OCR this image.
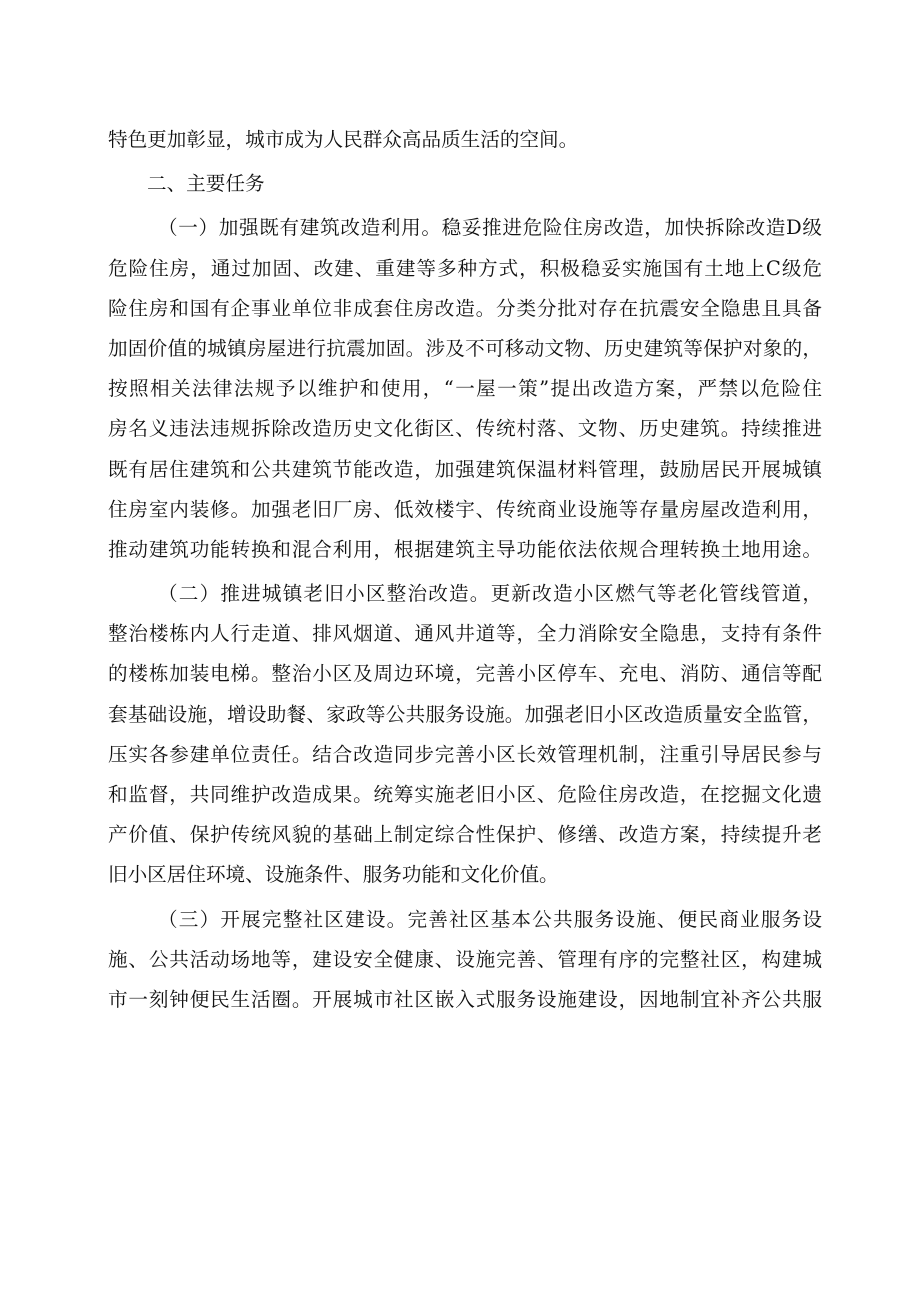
特色更加彰显，城市成为人民群众高品质生活的空间。

二、主要任务

（一）加强既有建筑改造利用。稳妥推进危险住房改造，加快拆除改造D级
危险住房，通过加固、改建、重建等多种方式，积极稳妥实施国有土地上C级危
险住房和国有企事业单位非成套住房改造。分类分批对存在抗震安全隐患且具备
加固价值的城镇房屋进行抗震加固。涉及不可移动文物、历史建筑等保护对象的，
按照相关法律法规予以维护和使用，“一屋一策”提出改造方案，严禁以危险住
房名义违法违规拆除改造历史文化街区、传统村落、文物、历史建筑。持续推进
既有居住建筑和公共建筑节能改造，加强建筑保温材料管理，鼓励居民开展城镇
住房室内装修。加强老旧厂房、低效楼宇、传统商业设施等存量房屋改造利用，
推动建筑功能转换和混合利用，根据建筑主导功能依法依规合理转换土地用途。

（二）推进城镇老旧小区整治改造。更新改造小区燃气等老化管线管道，
整治楼栋内人行走道、排风烟道、通风井道等，全力消除安全隐患，支持有条件
的楼栋加装电梯。整治小区及周边环境，完善小区停车、充电、消防、通信等配
套基础设施，增设助餐、家政等公共服务设施。加强老旧小区改造质量安全监管，
压实各参建单位责任。结合改造同步完善小区长效管理机制，注重引导居民参与
和监督，共同维护改造成果。统筹实施老旧小区、危险住房改造，在挖掘文化遗
产价值、保护传统风貌的基础上制定综合性保护、修缮、改造方案，持续提升老
旧小区居住环境、设施条件、服务功能和文化价值。

（三）开展完整社区建设。完善社区基本公共服务设施、便民商业服务设
施、公共活动场地等，建设安全健康、设施完善、管理有序的完整社区，构建城
市一刻钟便民生活圈。开展城市社区嵌入式服务设施建设，因地制宜补齐公共服
